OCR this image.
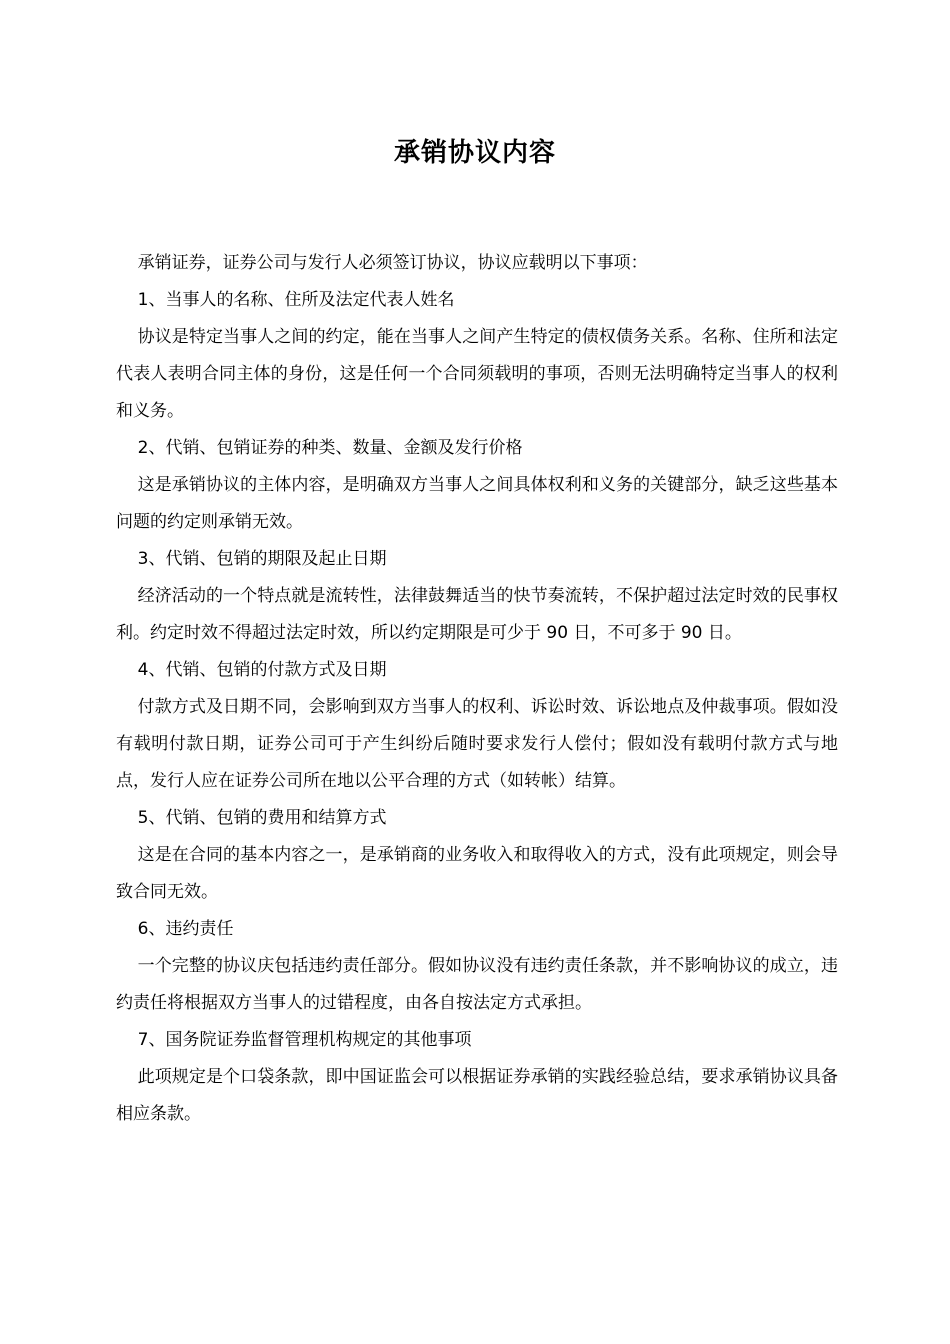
承销协议内容

承销证券，证券公司与发行人必须签订协议，协议应载明以下事项：

1、当事人的名称、住所及法定代表人姓名

协议是特定当事人之间的约定，能在当事人之间产生特定的债权债务关系。名称、住所和法定代表人表明合同主体的身份，这是任何一个合同须载明的事项，否则无法明确特定当事人的权利和义务。

2、代销、包销证券的种类、数量、金额及发行价格

这是承销协议的主体内容，是明确双方当事人之间具体权利和义务的关键部分，缺乏这些基本问题的约定则承销无效。

3、代销、包销的期限及起止日期

经济活动的一个特点就是流转性，法律鼓舞适当的快节奏流转，不保护超过法定时效的民事权利。约定时效不得超过法定时效，所以约定期限是可少于 90 日，不可多于 90 日。

4、代销、包销的付款方式及日期

付款方式及日期不同，会影响到双方当事人的权利、诉讼时效、诉讼地点及仲裁事项。假如没有载明付款日期，证券公司可于产生纠纷后随时要求发行人偿付；假如没有载明付款方式与地点，发行人应在证券公司所在地以公平合理的方式（如转帐）结算。

5、代销、包销的费用和结算方式

这是在合同的基本内容之一，是承销商的业务收入和取得收入的方式，没有此项规定，则会导致合同无效。

6、违约责任

一个完整的协议庆包括违约责任部分。假如协议没有违约责任条款，并不影响协议的成立，违约责任将根据双方当事人的过错程度，由各自按法定方式承担。

7、国务院证券监督管理机构规定的其他事项

此项规定是个口袋条款，即中国证监会可以根据证券承销的实践经验总结，要求承销协议具备相应条款。
